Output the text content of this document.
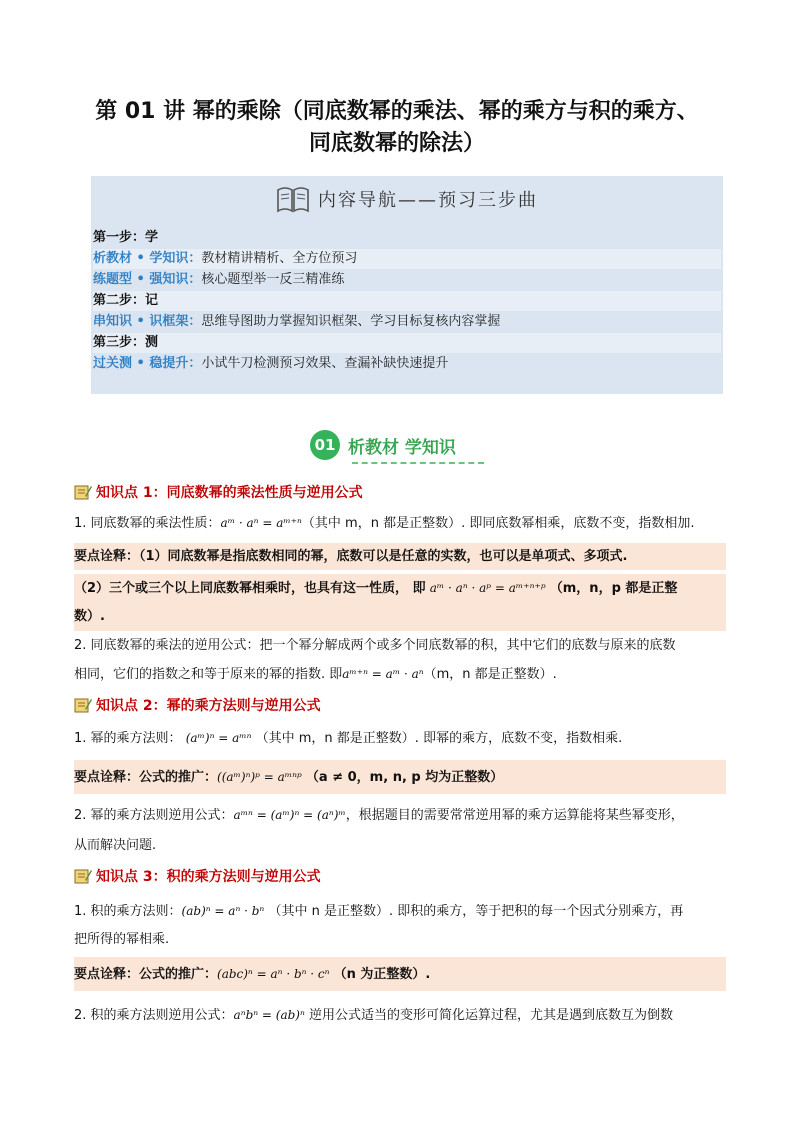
第 01 讲 幂的乘除（同底数幂的乘法、幂的乘方与积的乘方、
同底数幂的除法）
内容导航——预习三步曲
第一步：学
析教材 • 学知识： 教材精讲精析、全方位预习
练题型 • 强知识： 核心题型举一反三精准练
第二步：记
串知识 • 识框架： 思维导图助力掌握知识框架、学习目标复核内容掌握
第三步：测
过关测 • 稳提升： 小试牛刀检测预习效果、查漏补缺快速提升
01 析教材 学知识
知识点 1：同底数幂的乘法性质与逆用公式
1. 同底数幂的乘法性质：aᵐ · aⁿ = aᵐ⁺ⁿ（其中 m，n 都是正整数）. 即同底数幂相乘，底数不变，指数相加.
要点诠释：（1）同底数幂是指底数相同的幂，底数可以是任意的实数，也可以是单项式、多项式.
（2）三个或三个以上同底数幂相乘时，也具有这一性质， 即 aᵐ · aⁿ · aᵖ = aᵐ⁺ⁿ⁺ᵖ （m，n，p 都是正整
数）.
2. 同底数幂的乘法的逆用公式：把一个幂分解成两个或多个同底数幂的积，其中它们的底数与原来的底数
相同，它们的指数之和等于原来的幂的指数. 即aᵐ⁺ⁿ = aᵐ · aⁿ（m，n 都是正整数）.
知识点 2：幂的乘方法则与逆用公式
1. 幂的乘方法则： (aᵐ)ⁿ = aᵐⁿ （其中 m，n 都是正整数）. 即幂的乘方，底数不变，指数相乘.
要点诠释：公式的推广：((aᵐ)ⁿ)ᵖ = aᵐⁿᵖ （a ≠ 0，m, n, p 均为正整数）
2. 幂的乘方法则逆用公式：aᵐⁿ = (aᵐ)ⁿ = (aⁿ)ᵐ，根据题目的需要常常逆用幂的乘方运算能将某些幂变形，
从而解决问题.
知识点 3：积的乘方法则与逆用公式
1. 积的乘方法则：(ab)ⁿ = aⁿ · bⁿ （其中 n 是正整数）. 即积的乘方，等于把积的每一个因式分别乘方，再
把所得的幂相乘.
要点诠释：公式的推广：(abc)ⁿ = aⁿ · bⁿ · cⁿ （n 为正整数）.
2. 积的乘方法则逆用公式：aⁿbⁿ = (ab)ⁿ 逆用公式适当的变形可简化运算过程，尤其是遇到底数互为倒数
